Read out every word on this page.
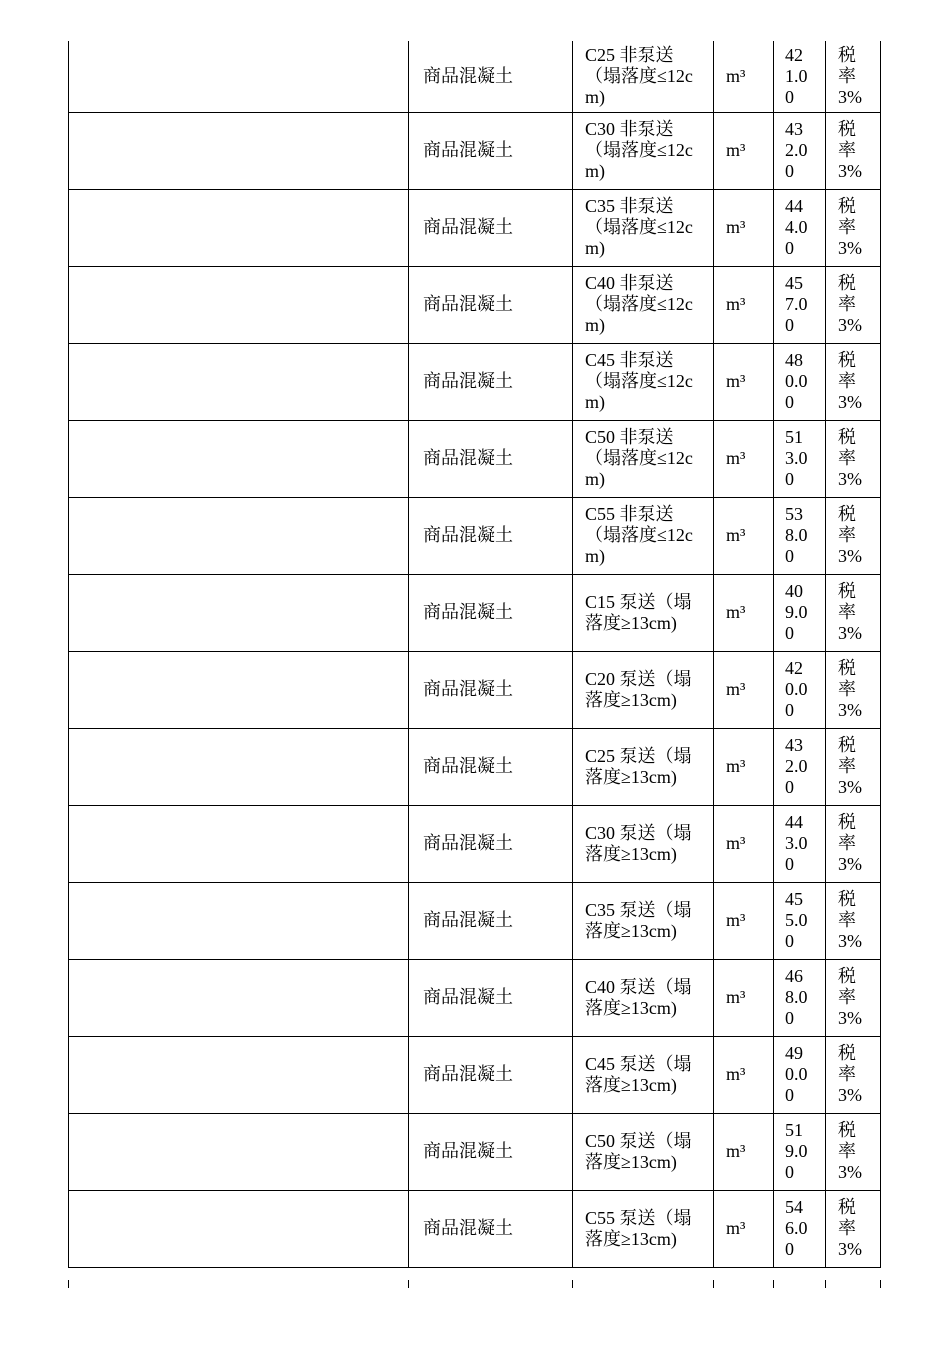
	商品混凝土	C25 非泵送（塌落度≤12cm)	m³	421.00	税率3%
	商品混凝土	C30 非泵送（塌落度≤12cm)	m³	432.00	税率3%
	商品混凝土	C35 非泵送（塌落度≤12cm)	m³	444.00	税率3%
	商品混凝土	C40 非泵送（塌落度≤12cm)	m³	457.00	税率3%
	商品混凝土	C45 非泵送（塌落度≤12cm)	m³	480.00	税率3%
	商品混凝土	C50 非泵送（塌落度≤12cm)	m³	513.00	税率3%
	商品混凝土	C55 非泵送（塌落度≤12cm)	m³	538.00	税率3%
	商品混凝土	C15 泵送（塌落度≥13cm)	m³	409.00	税率3%
	商品混凝土	C20 泵送（塌落度≥13cm)	m³	420.00	税率3%
	商品混凝土	C25 泵送（塌落度≥13cm)	m³	432.00	税率3%
	商品混凝土	C30 泵送（塌落度≥13cm)	m³	443.00	税率3%
	商品混凝土	C35 泵送（塌落度≥13cm)	m³	455.00	税率3%
	商品混凝土	C40 泵送（塌落度≥13cm)	m³	468.00	税率3%
	商品混凝土	C45 泵送（塌落度≥13cm)	m³	490.00	税率3%
	商品混凝土	C50 泵送（塌落度≥13cm)	m³	519.00	税率3%
	商品混凝土	C55 泵送（塌落度≥13cm)	m³	546.00	税率3%
